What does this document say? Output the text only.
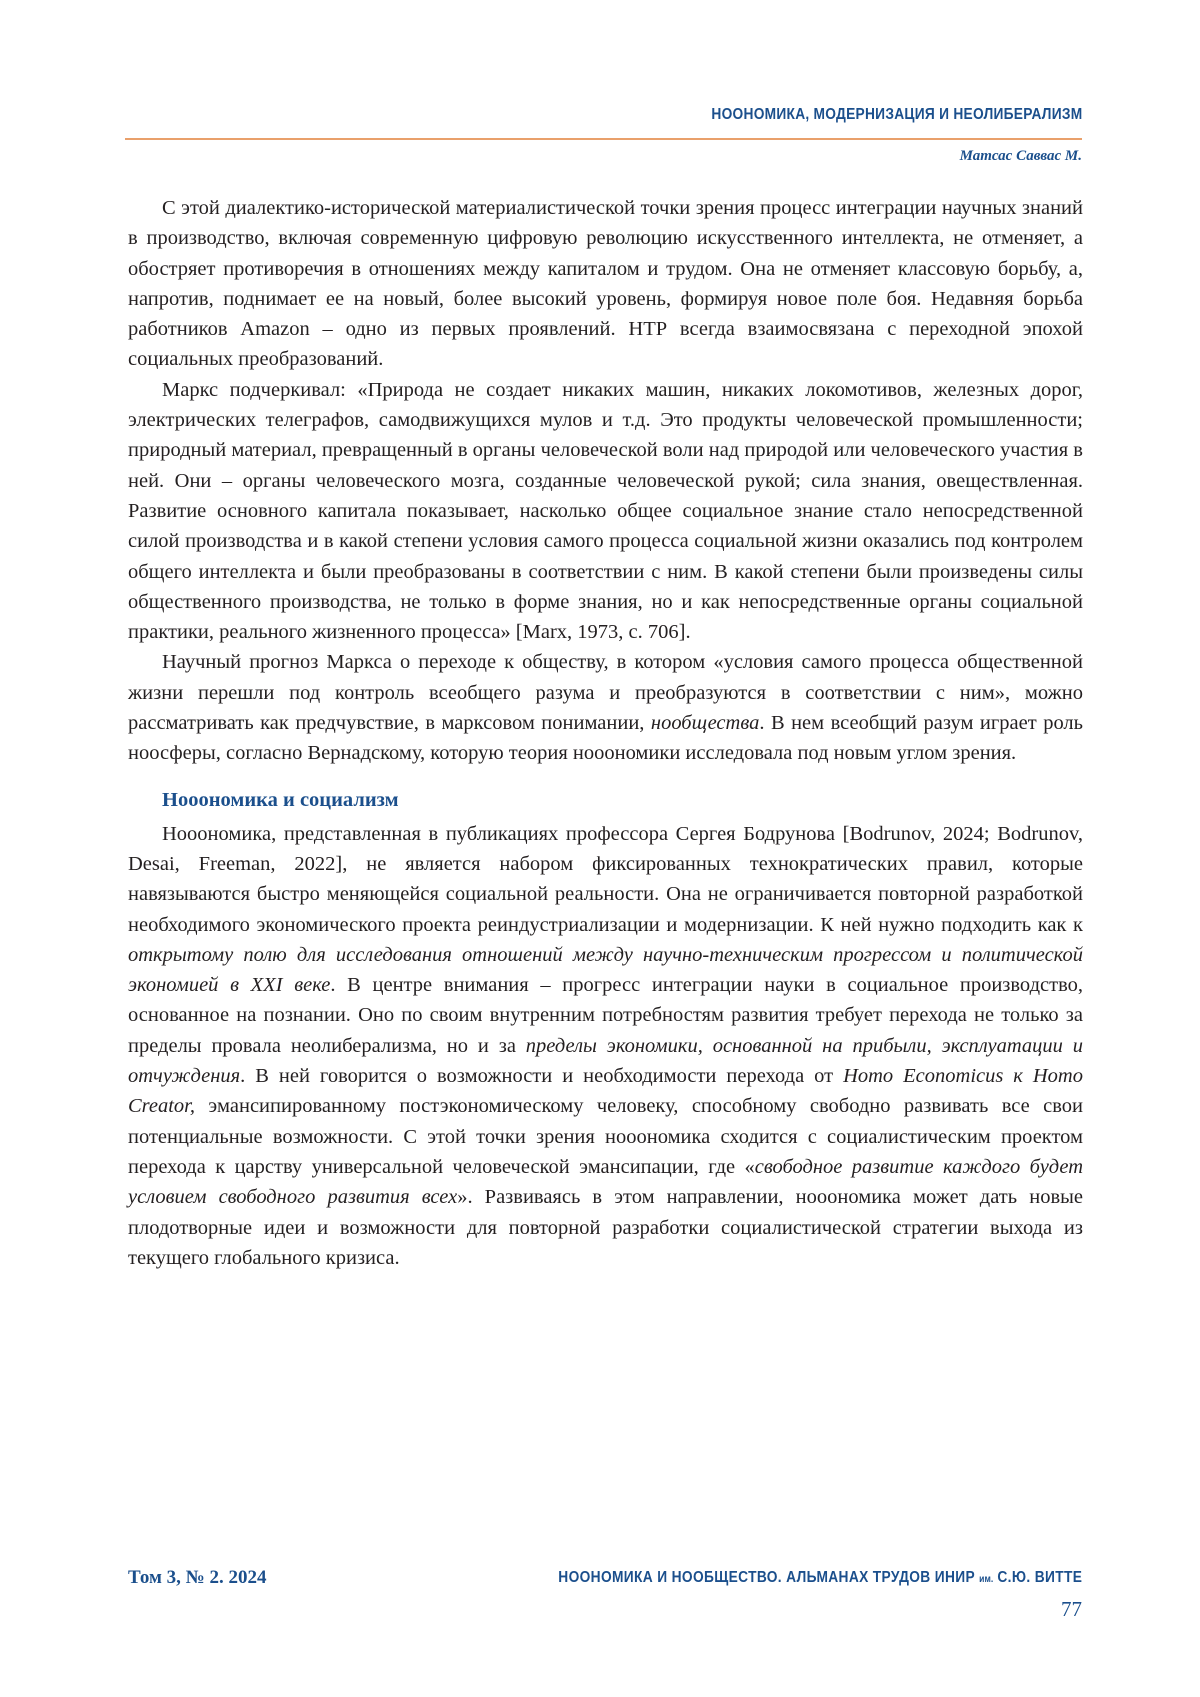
НООНОМИКА, МОДЕРНИЗАЦИЯ И НЕОЛИБЕРАЛИЗМ
Матсас Саввас М.

С этой диалектико-исторической материалистической точки зрения процесс интеграции научных знаний в производство, включая современную цифровую революцию искусственного интеллекта, не отменяет, а обостряет противоречия в отношениях между капиталом и трудом. Она не отменяет классовую борьбу, а, напротив, поднимает ее на новый, более высокий уровень, формируя новое поле боя. Недавняя борьба работников Amazon – одно из первых проявлений. НТР всегда взаимосвязана с переходной эпохой социальных преобразований.

Маркс подчеркивал: «Природа не создает никаких машин, никаких локомотивов, железных дорог, электрических телеграфов, самодвижущихся мулов и т.д. Это продукты человеческой промышленности; природный материал, превращенный в органы человеческой воли над природой или человеческого участия в ней. Они – органы человеческого мозга, созданные человеческой рукой; сила знания, овеществленная. Развитие основного капитала показывает, насколько общее социальное знание стало непосредственной силой производства и в какой степени условия самого процесса социальной жизни оказались под контролем общего интеллекта и были преобразованы в соответствии с ним. В какой степени были произведены силы общественного производства, не только в форме знания, но и как непосредственные органы социальной практики, реального жизненного процесса» [Marx, 1973, с. 706].

Научный прогноз Маркса о переходе к обществу, в котором «условия самого процесса общественной жизни перешли под контроль всеобщего разума и преобразуются в соответствии с ним», можно рассматривать как предчувствие, в марксовом понимании, нообщества. В нем всеобщий разум играет роль ноосферы, согласно Вернадскому, которую теория нооономики исследовала под новым углом зрения.

Нооономика и социализм

Нооономика, представленная в публикациях профессора Сергея Бодрунова [Bodrunov, 2024; Bodrunov, Desai, Freeman, 2022], не является набором фиксированных технократических правил, которые навязываются быстро меняющейся социальной реальности. Она не ограничивается повторной разработкой необходимого экономического проекта реиндустриализации и модернизации. К ней нужно подходить как к открытому полю для исследования отношений между научно-техническим прогрессом и политической экономией в XXI веке. В центре внимания – прогресс интеграции науки в социальное производство, основанное на познании. Оно по своим внутренним потребностям развития требует перехода не только за пределы провала неолиберализма, но и за пределы экономики, основанной на прибыли, эксплуатации и отчуждения. В ней говорится о возможности и необходимости перехода от Homo Economicus к Homo Creator, эмансипированному постэкономическому человеку, способному свободно развивать все свои потенциальные возможности. С этой точки зрения нооономика сходится с социалистическим проектом перехода к царству универсальной человеческой эмансипации, где «свободное развитие каждого будет условием свободного развития всех». Развиваясь в этом направлении, нооономика может дать новые плодотворные идеи и возможности для повторной разработки социалистической стратегии выхода из текущего глобального кризиса.

Том 3, № 2. 2024	НООНОМИКА И НООБЩЕСТВО. АЛЬМАНАХ ТРУДОВ ИНИР им. С.Ю. ВИТТЕ
77
